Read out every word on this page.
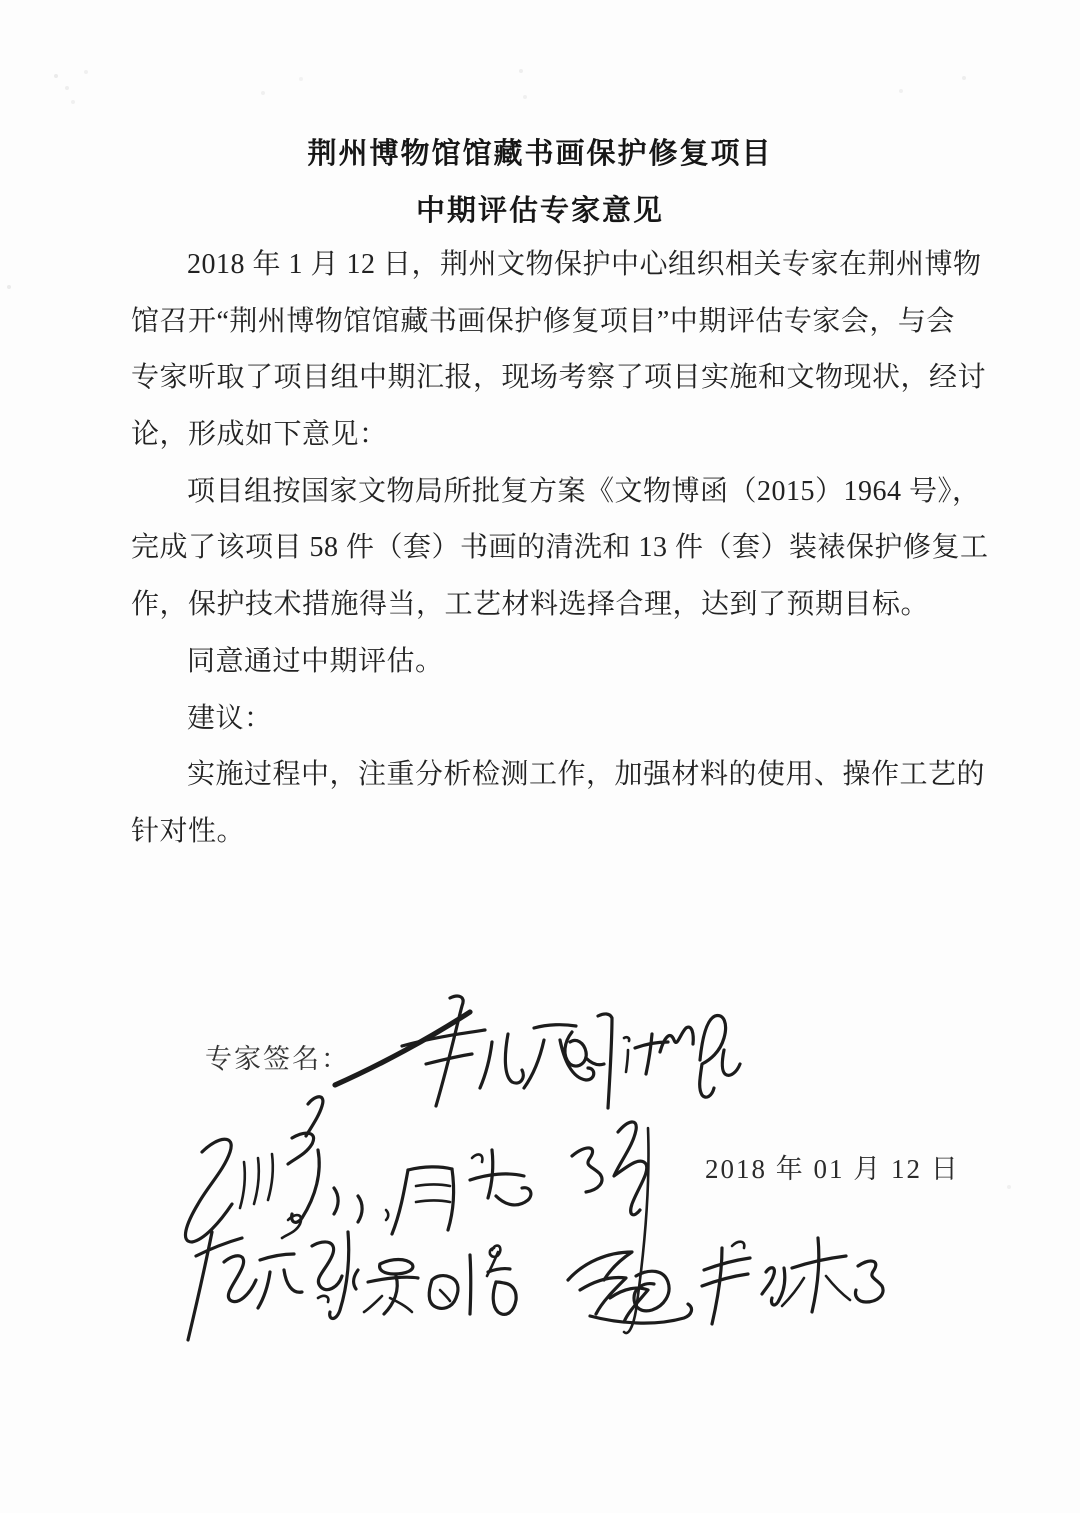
荆州博物馆馆藏书画保护修复项目
中期评估专家意见
2018 年 1 月 12 日，荆州文物保护中心组织相关专家在荆州博物
馆召开“荆州博物馆馆藏书画保护修复项目”中期评估专家会，与会
专家听取了项目组中期汇报，现场考察了项目实施和文物现状，经讨
论，形成如下意见：
项目组按国家文物局所批复方案《文物博函（2015）1964 号》，
完成了该项目 58 件（套）书画的清洗和 13 件（套）装裱保护修复工
作，保护技术措施得当，工艺材料选择合理，达到了预期目标。
同意通过中期评估。
建议：
实施过程中，注重分析检测工作，加强材料的使用、操作工艺的
针对性。
专家签名：
2018 年 01 月 12 日
